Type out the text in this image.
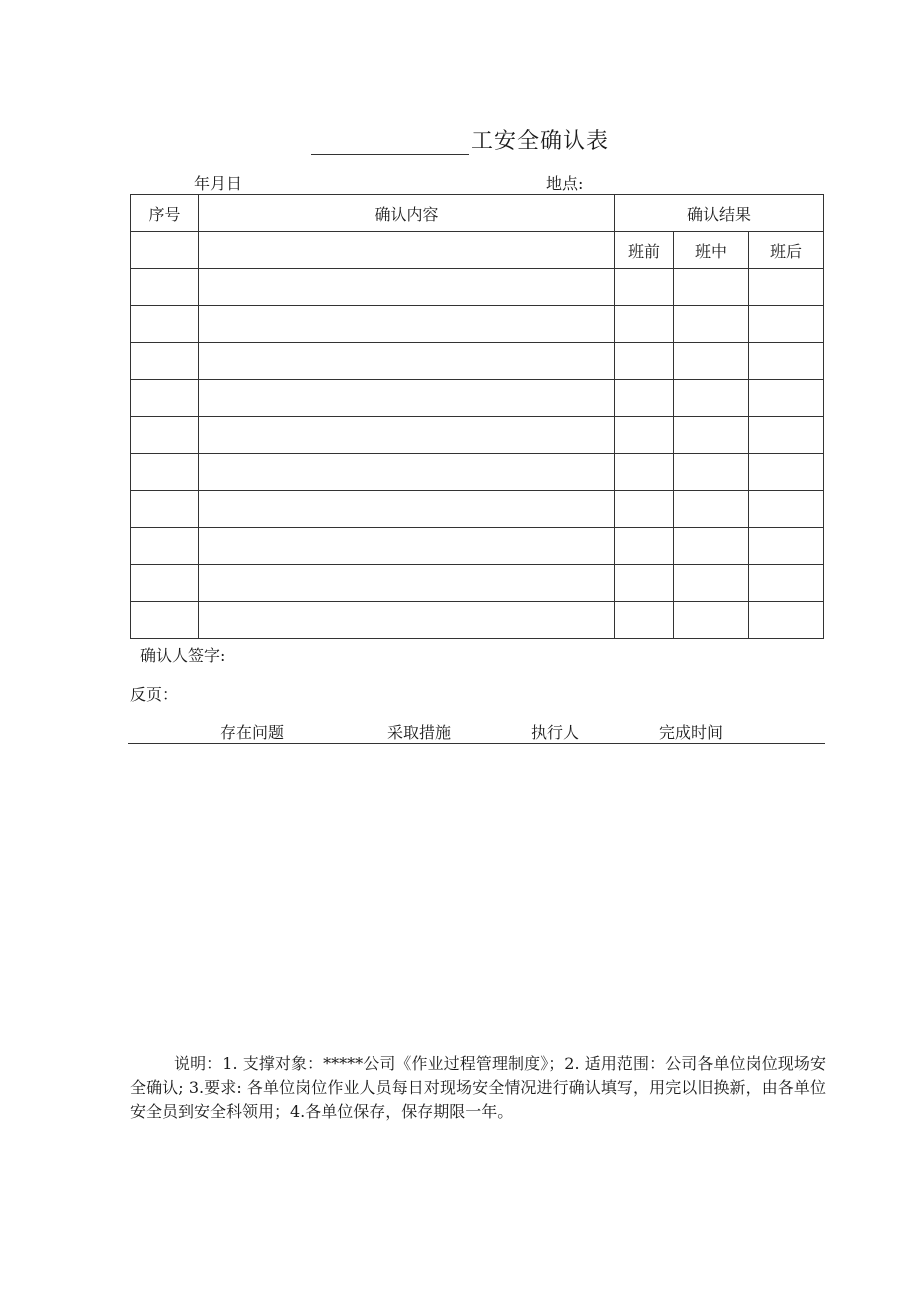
工安全确认表
年月日	地点:
序号	确认内容	确认结果		
		班前	班中	班后

确认人签字:
反页：
存在问题	采取措施	执行人	完成时间
说明：1. 支撑对象：*****公司《作业过程管理制度》；2. 适用范围：公司各单位岗位现场安全确认; 3.要求: 各单位岗位作业人员每日对现场安全情况进行确认填写，用完以旧换新，由各单位安全员到安全科领用；4.各单位保存，保存期限一年。
